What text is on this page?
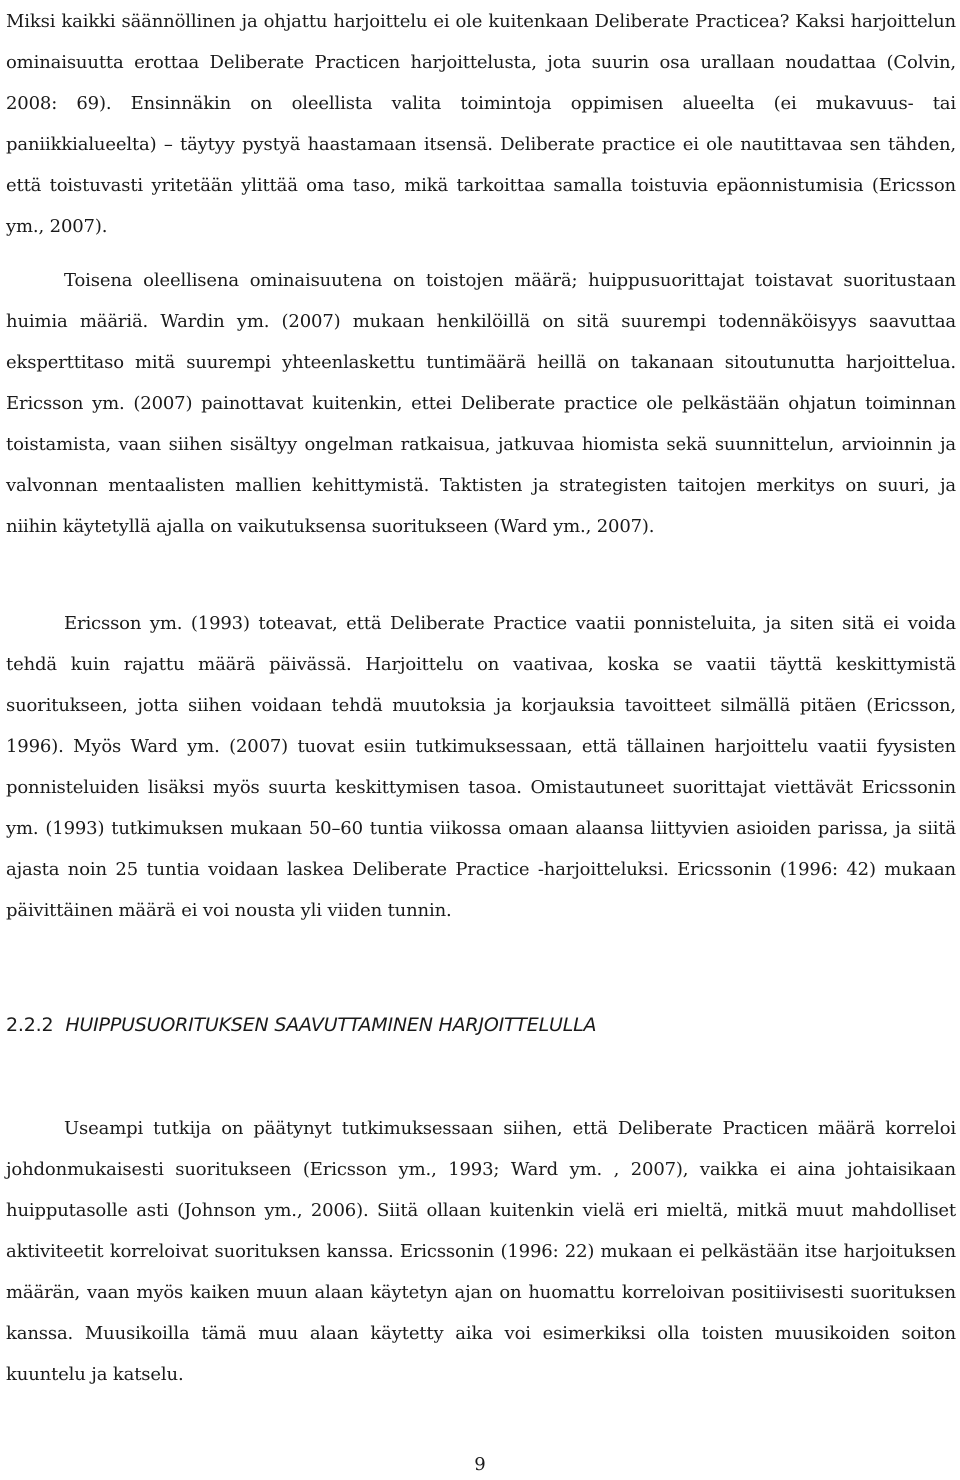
Miksi kaikki säännöllinen ja ohjattu harjoittelu ei ole kuitenkaan Deliberate Practicea? Kaksi harjoittelun ominaisuutta erottaa Deliberate Practicen harjoittelusta, jota suurin osa urallaan noudattaa (Colvin, 2008: 69). Ensinnäkin on oleellista valita toimintoja oppimisen alueelta (ei mukavuus- tai paniikkialueelta) – täytyy pystyä haastamaan itsensä. Deliberate practice ei ole nautittavaa sen tähden, että toistuvasti yritetään ylittää oma taso, mikä tarkoittaa samalla toistuvia epäonnistumisia (Ericsson ym., 2007).

Toisena oleellisena ominaisuutena on toistojen määrä; huippusuorittajat toistavat suoritustaan huimia määriä. Wardin ym. (2007) mukaan henkilöillä on sitä suurempi todennäköisyys saavuttaa eksperttitaso mitä suurempi yhteenlaskettu tuntimäärä heillä on takanaan sitoutunutta harjoittelua. Ericsson ym. (2007) painottavat kuitenkin, ettei Deliberate practice ole pelkästään ohjatun toiminnan toistamista, vaan siihen sisältyy ongelman ratkaisua, jatkuvaa hiomista sekä suunnittelun, arvioinnin ja valvonnan mentaalisten mallien kehittymistä. Taktisten ja strategisten taitojen merkitys on suuri, ja niihin käytetyllä ajalla on vaikutuksensa suoritukseen (Ward ym., 2007).

Ericsson ym. (1993) toteavat, että Deliberate Practice vaatii ponnisteluita, ja siten sitä ei voida tehdä kuin rajattu määrä päivässä. Harjoittelu on vaativaa, koska se vaatii täyttä keskittymistä suoritukseen, jotta siihen voidaan tehdä muutoksia ja korjauksia tavoitteet silmällä pitäen (Ericsson, 1996). Myös Ward ym. (2007) tuovat esiin tutkimuksessaan, että tällainen harjoittelu vaatii fyysisten ponnisteluiden lisäksi myös suurta keskittymisen tasoa. Omistautuneet suorittajat viettävät Ericssonin ym. (1993) tutkimuksen mukaan 50–60 tuntia viikossa omaan alaansa liittyvien asioiden parissa, ja siitä ajasta noin 25 tuntia voidaan laskea Deliberate Practice -harjoitteluksi. Ericssonin (1996: 42) mukaan päivittäinen määrä ei voi nousta yli viiden tunnin.

2.2.2 HUIPPUSUORITUKSEN SAAVUTTAMINEN HARJOITTELULLA

Useampi tutkija on päätynyt tutkimuksessaan siihen, että Deliberate Practicen määrä korreloi johdonmukaisesti suoritukseen (Ericsson ym., 1993; Ward ym. , 2007), vaikka ei aina johtaisikaan huipputasolle asti (Johnson ym., 2006). Siitä ollaan kuitenkin vielä eri mieltä, mitkä muut mahdolliset aktiviteetit korreloivat suorituksen kanssa. Ericssonin (1996: 22) mukaan ei pelkästään itse harjoituksen määrän, vaan myös kaiken muun alaan käytetyn ajan on huomattu korreloivan positiivisesti suorituksen kanssa. Muusikoilla tämä muu alaan käytetty aika voi esimerkiksi olla toisten muusikoiden soiton kuuntelu ja katselu.

9
